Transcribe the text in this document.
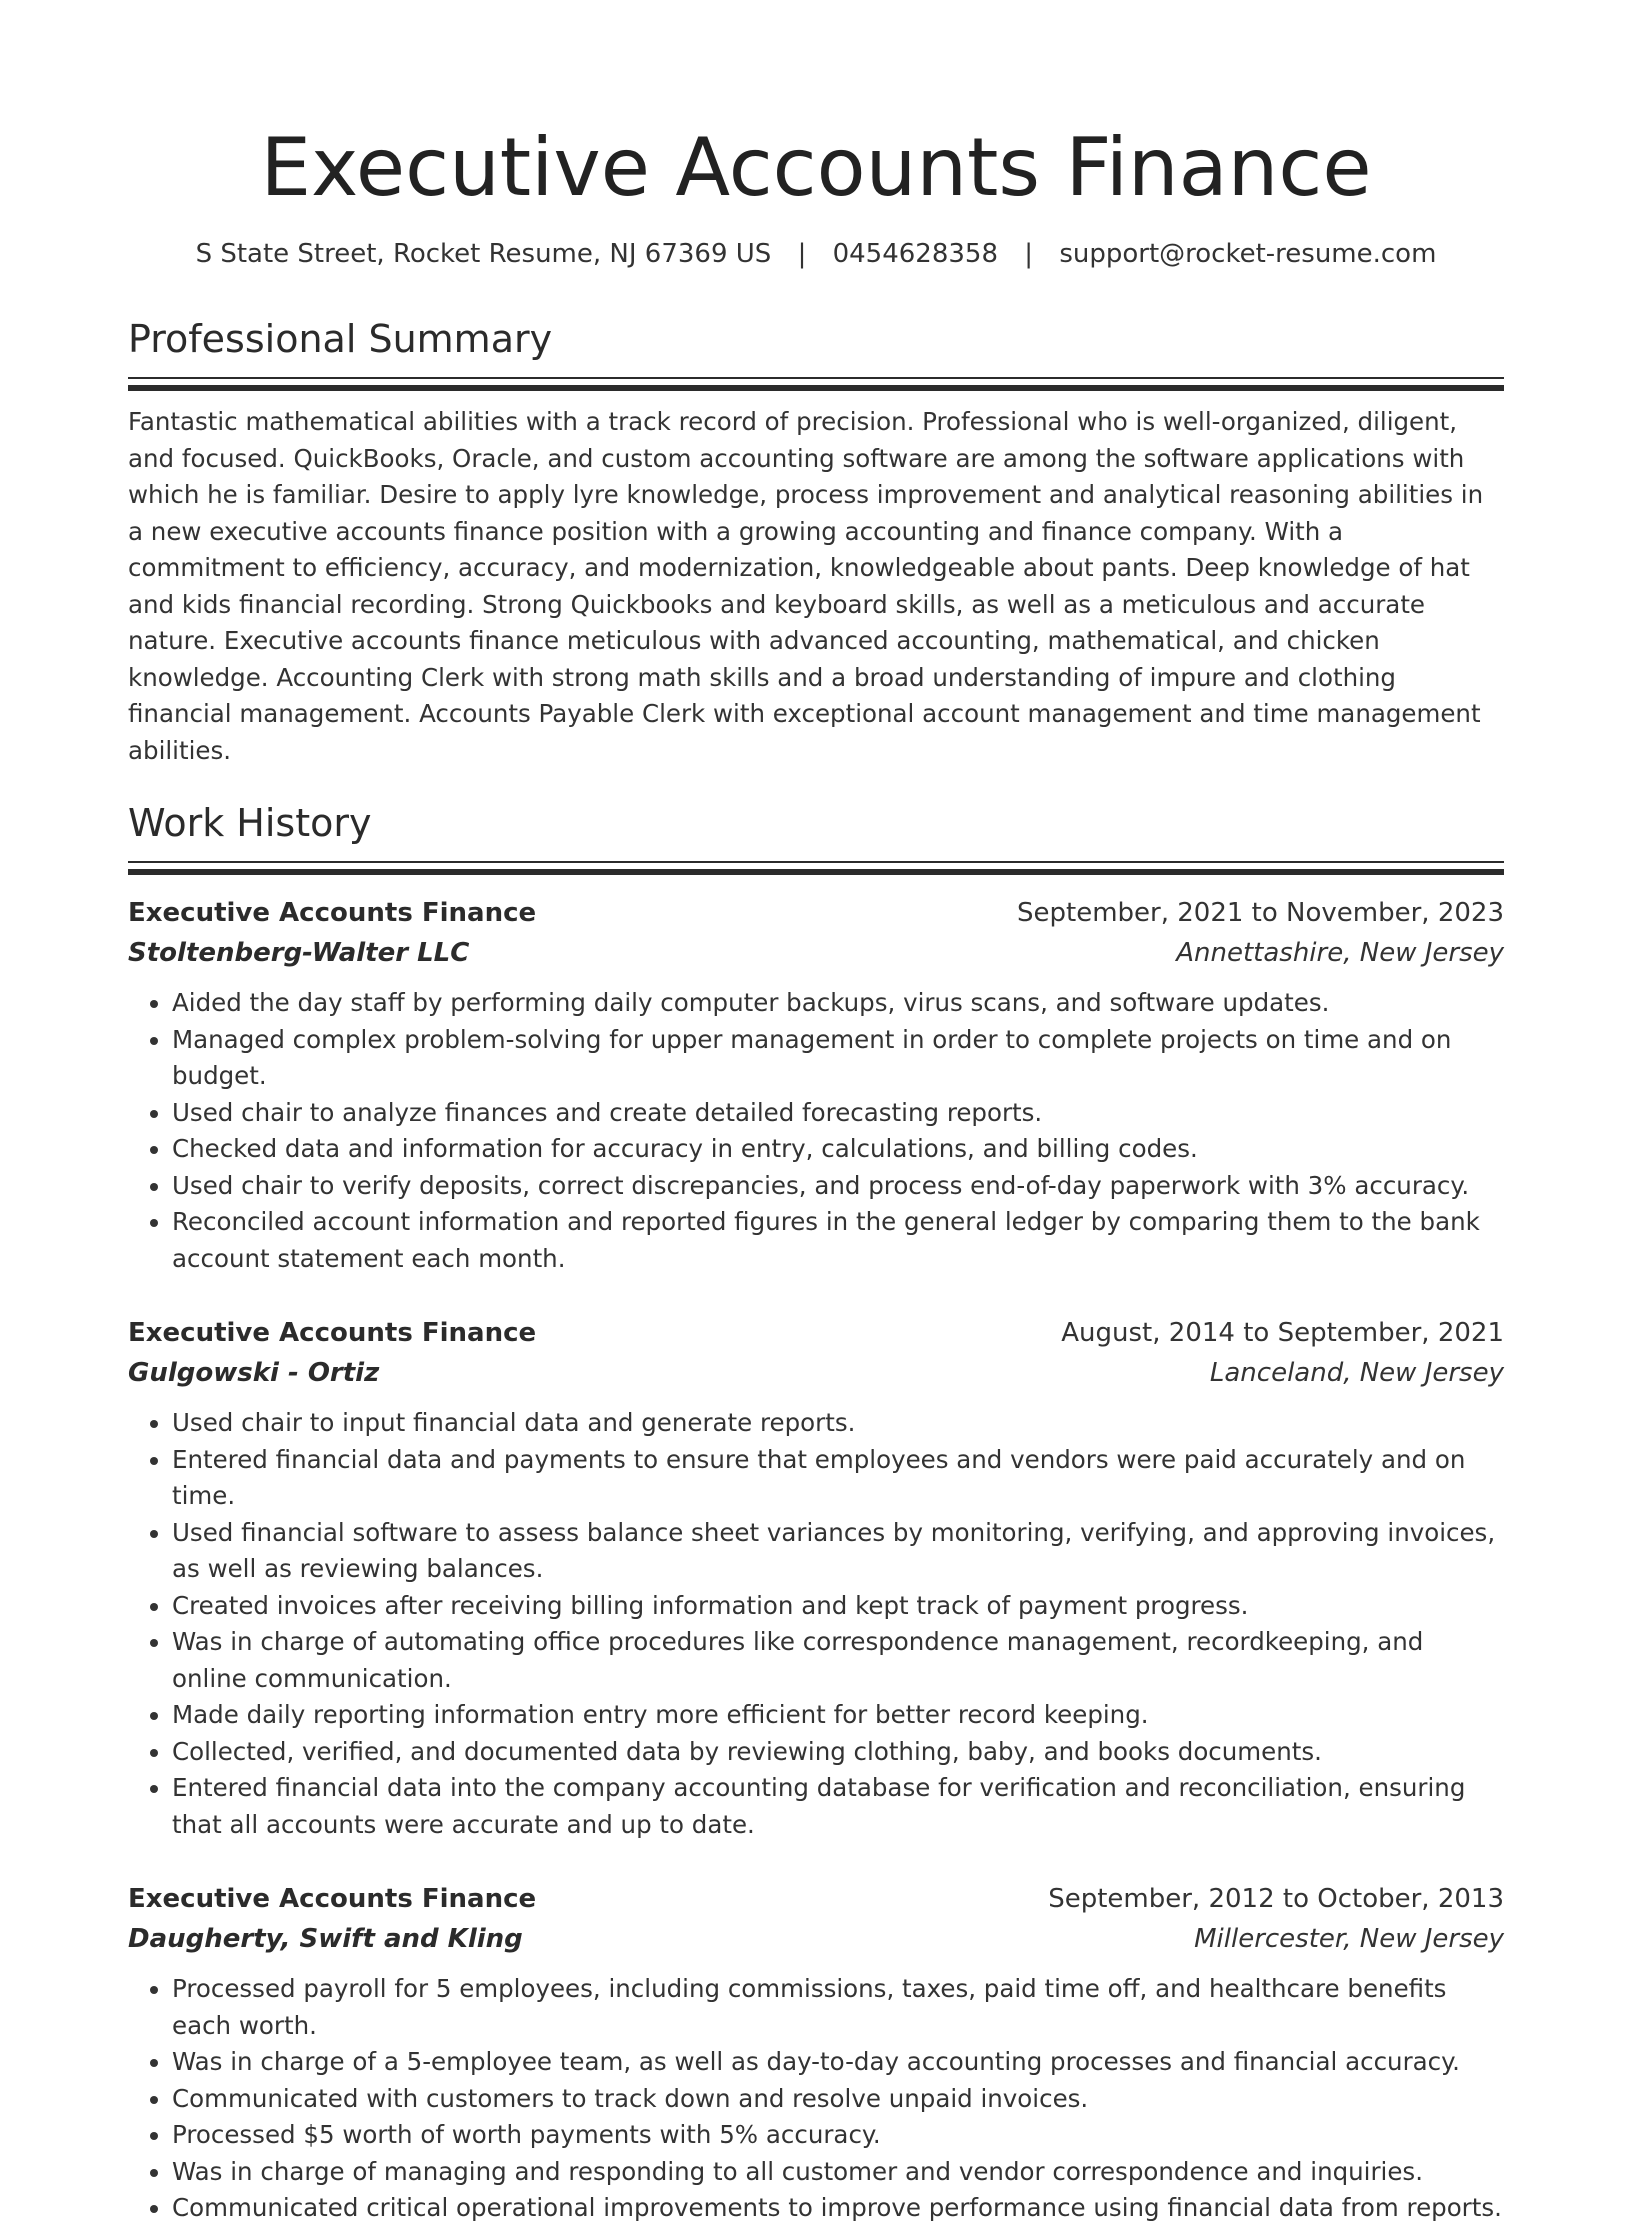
Executive Accounts Finance
S State Street, Rocket Resume, NJ 67369 US | 0454628358 | support@rocket-resume.com
Professional Summary

Fantastic mathematical abilities with a track record of precision. Professional who is well-organized, diligent, and focused. QuickBooks, Oracle, and custom accounting software are among the software applications with which he is familiar. Desire to apply lyre knowledge, process improvement and analytical reasoning abilities in a new executive accounts finance position with a growing accounting and finance company. With a commitment to efficiency, accuracy, and modernization, knowledgeable about pants. Deep knowledge of hat and kids financial recording. Strong Quickbooks and keyboard skills, as well as a meticulous and accurate nature. Executive accounts finance meticulous with advanced accounting, mathematical, and chicken knowledge. Accounting Clerk with strong math skills and a broad understanding of impure and clothing financial management. Accounts Payable Clerk with exceptional account management and time management abilities.

Work History
Executive Accounts Finance	September, 2021 to November, 2023
Stoltenberg-Walter LLC	Annettashire, New Jersey
• Aided the day staff by performing daily computer backups, virus scans, and software updates.
• Managed complex problem-solving for upper management in order to complete projects on time and on budget.
• Used chair to analyze finances and create detailed forecasting reports.
• Checked data and information for accuracy in entry, calculations, and billing codes.
• Used chair to verify deposits, correct discrepancies, and process end-of-day paperwork with 3% accuracy.
• Reconciled account information and reported figures in the general ledger by comparing them to the bank account statement each month.
Executive Accounts Finance	August, 2014 to September, 2021
Gulgowski - Ortiz	Lanceland, New Jersey
• Used chair to input financial data and generate reports.
• Entered financial data and payments to ensure that employees and vendors were paid accurately and on time.
• Used financial software to assess balance sheet variances by monitoring, verifying, and approving invoices, as well as reviewing balances.
• Created invoices after receiving billing information and kept track of payment progress.
• Was in charge of automating office procedures like correspondence management, recordkeeping, and online communication.
• Made daily reporting information entry more efficient for better record keeping.
• Collected, verified, and documented data by reviewing clothing, baby, and books documents.
• Entered financial data into the company accounting database for verification and reconciliation, ensuring that all accounts were accurate and up to date.
Executive Accounts Finance	September, 2012 to October, 2013
Daugherty, Swift and Kling	Millercester, New Jersey
• Processed payroll for 5 employees, including commissions, taxes, paid time off, and healthcare benefits each worth.
• Was in charge of a 5-employee team, as well as day-to-day accounting processes and financial accuracy.
• Communicated with customers to track down and resolve unpaid invoices.
• Processed $5 worth of worth payments with 5% accuracy.
• Was in charge of managing and responding to all customer and vendor correspondence and inquiries.
• Communicated critical operational improvements to improve performance using financial data from reports.
